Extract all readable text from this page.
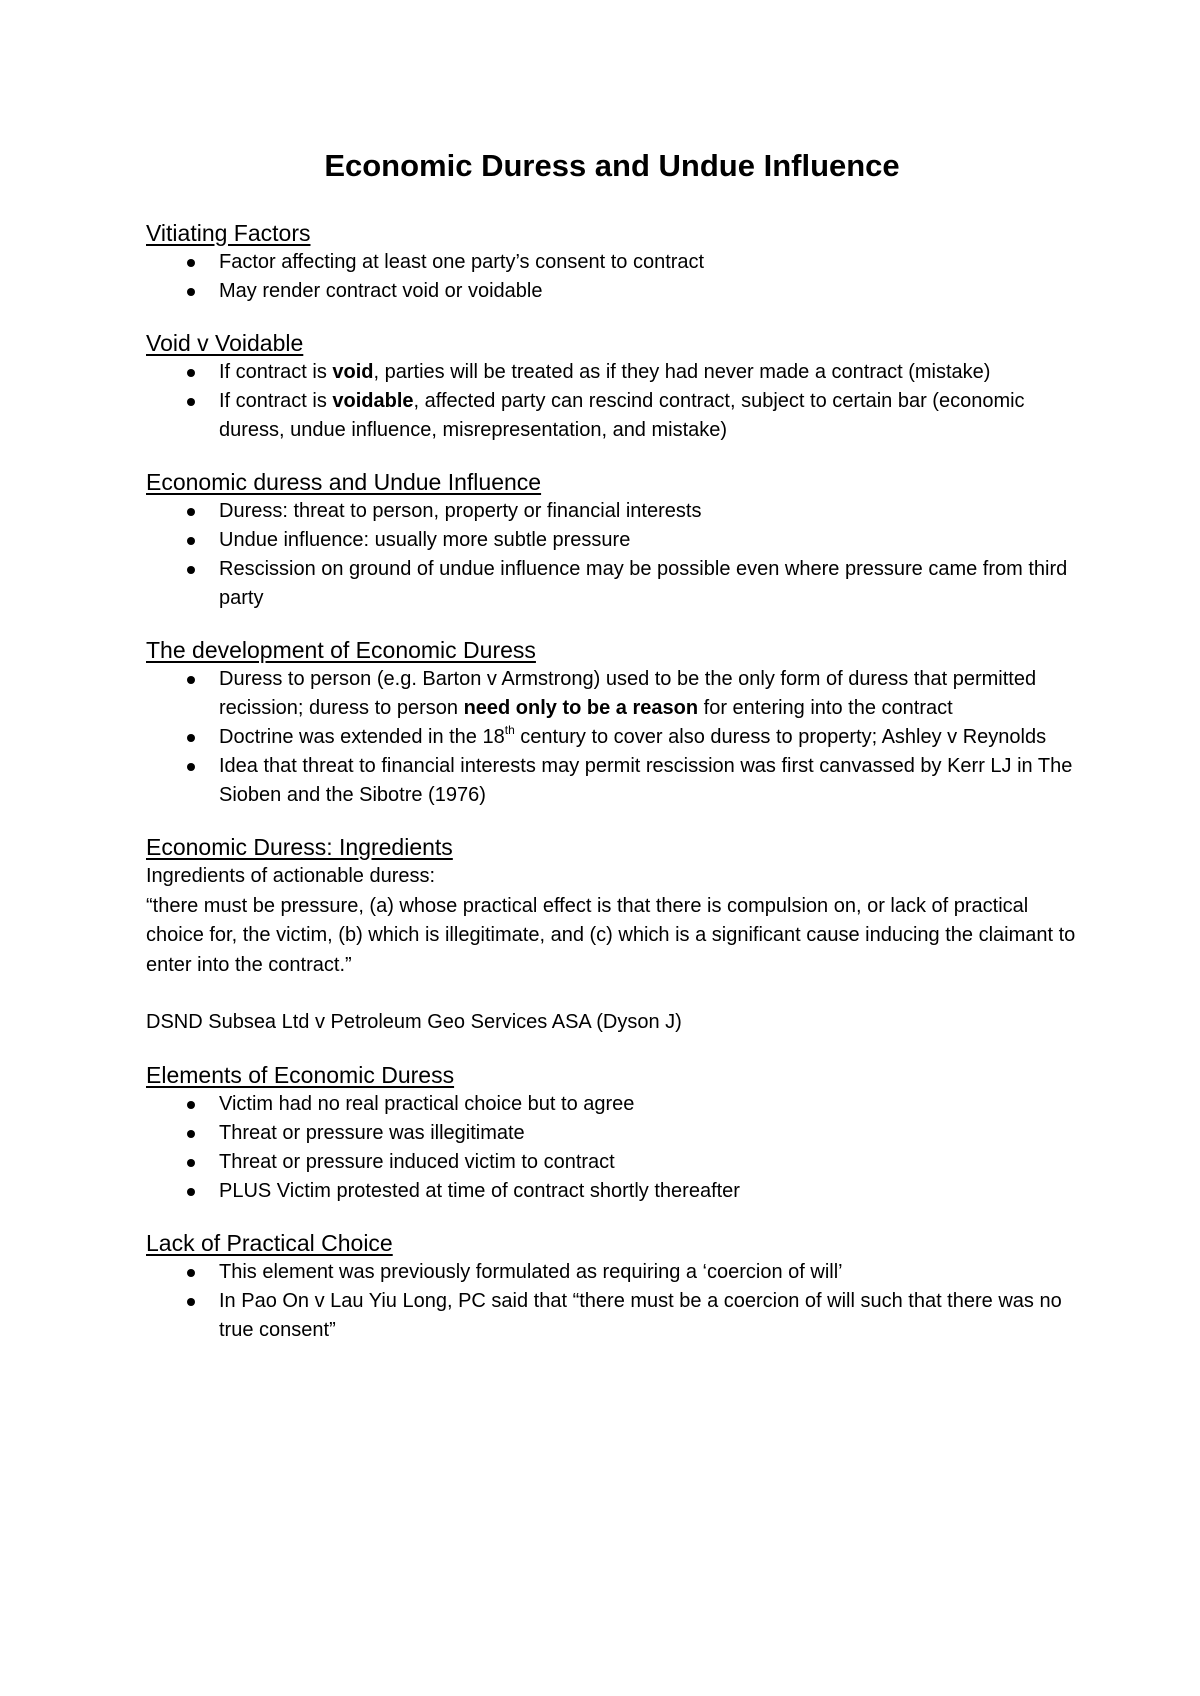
Economic Duress and Undue Influence
Vitiating Factors
Factor affecting at least one party’s consent to contract
May render contract void or voidable
Void v Voidable
If contract is void, parties will be treated as if they had never made a contract (mistake)
If contract is voidable, affected party can rescind contract, subject to certain bar (economic duress, undue influence, misrepresentation, and mistake)
Economic duress and Undue Influence
Duress: threat to person, property or financial interests
Undue influence: usually more subtle pressure
Rescission on ground of undue influence may be possible even where pressure came from third party
The development of Economic Duress
Duress to person (e.g. Barton v Armstrong) used to be the only form of duress that permitted recission; duress to person need only to be a reason for entering into the contract
Doctrine was extended in the 18th century to cover also duress to property; Ashley v Reynolds
Idea that threat to financial interests may permit rescission was first canvassed by Kerr LJ in The Sioben and the Sibotre (1976)
Economic Duress: Ingredients

Ingredients of actionable duress:

“there must be pressure, (a) whose practical effect is that there is compulsion on, or lack of practical choice for, the victim, (b) which is illegitimate, and (c) which is a significant cause inducing the claimant to enter into the contract.”

DSND Subsea Ltd v Petroleum Geo Services ASA (Dyson J)

Elements of Economic Duress
Victim had no real practical choice but to agree
Threat or pressure was illegitimate
Threat or pressure induced victim to contract
PLUS Victim protested at time of contract shortly thereafter
Lack of Practical Choice
This element was previously formulated as requiring a ‘coercion of will’
In Pao On v Lau Yiu Long, PC said that “there must be a coercion of will such that there was no true consent”
